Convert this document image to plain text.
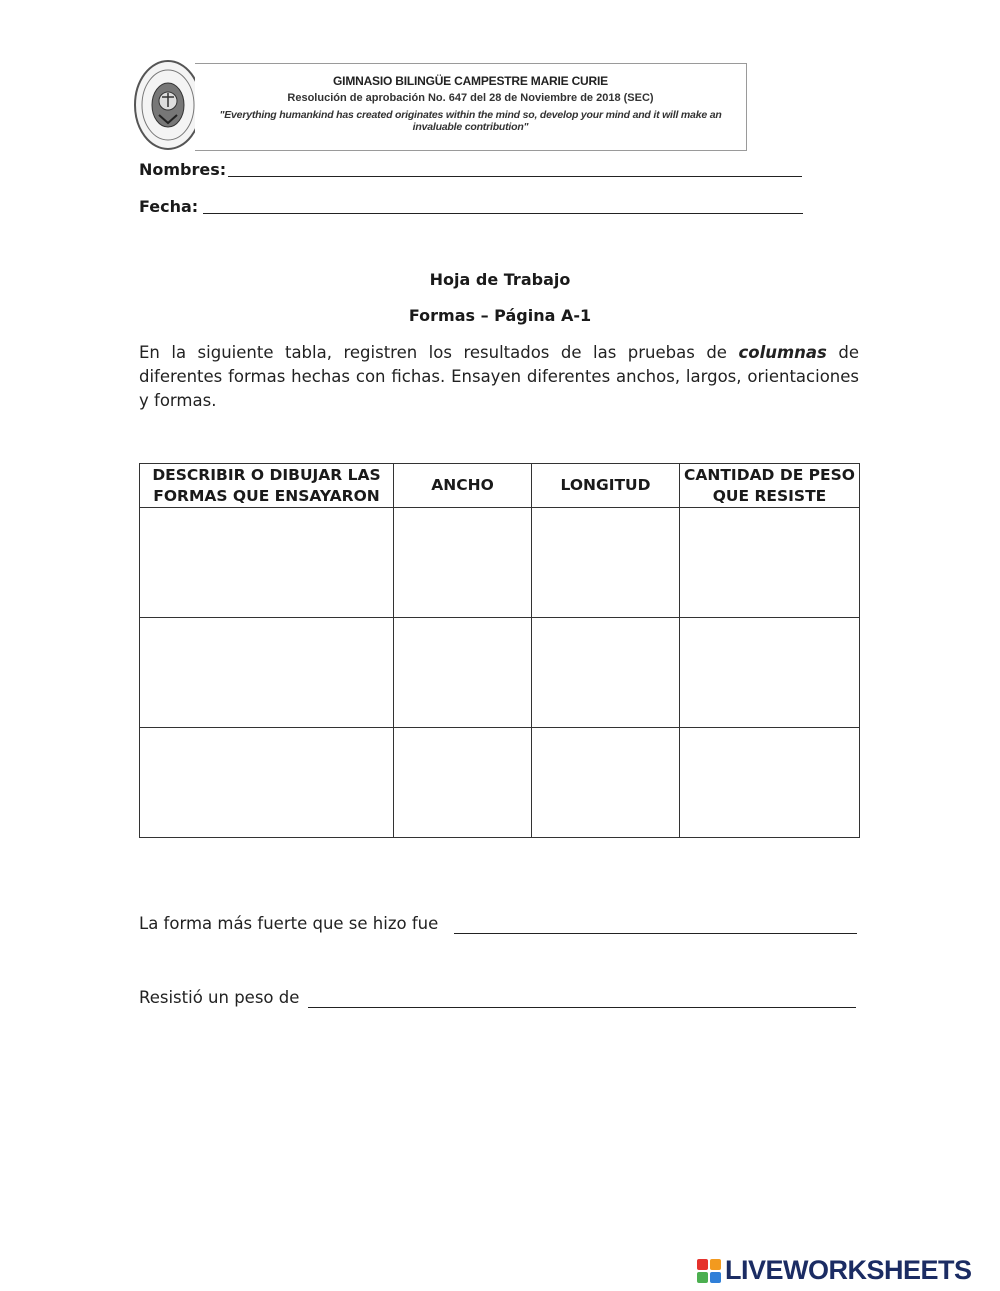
GIMNASIO BILINGÜE CAMPESTRE MARIE CURIE
Resolución de aprobación No. 647 del 28 de Noviembre de 2018 (SEC)
"Everything humankind has created originates within the mind so, develop your mind and it will make an invaluable contribution"
Nombres:
Fecha:
Hoja de Trabajo
Formas – Página A-1
En la siguiente tabla, registren los resultados de las pruebas de columnas de diferentes formas hechas con fichas. Ensayen diferentes anchos, largos, orientaciones y formas.
DESCRIBIR O DIBUJAR LAS FORMAS QUE ENSAYARON	ANCHO	LONGITUD	CANTIDAD DE PESO QUE RESISTE

La forma más fuerte que se hizo fue
Resistió un peso de
LIVEWORKSHEETS
